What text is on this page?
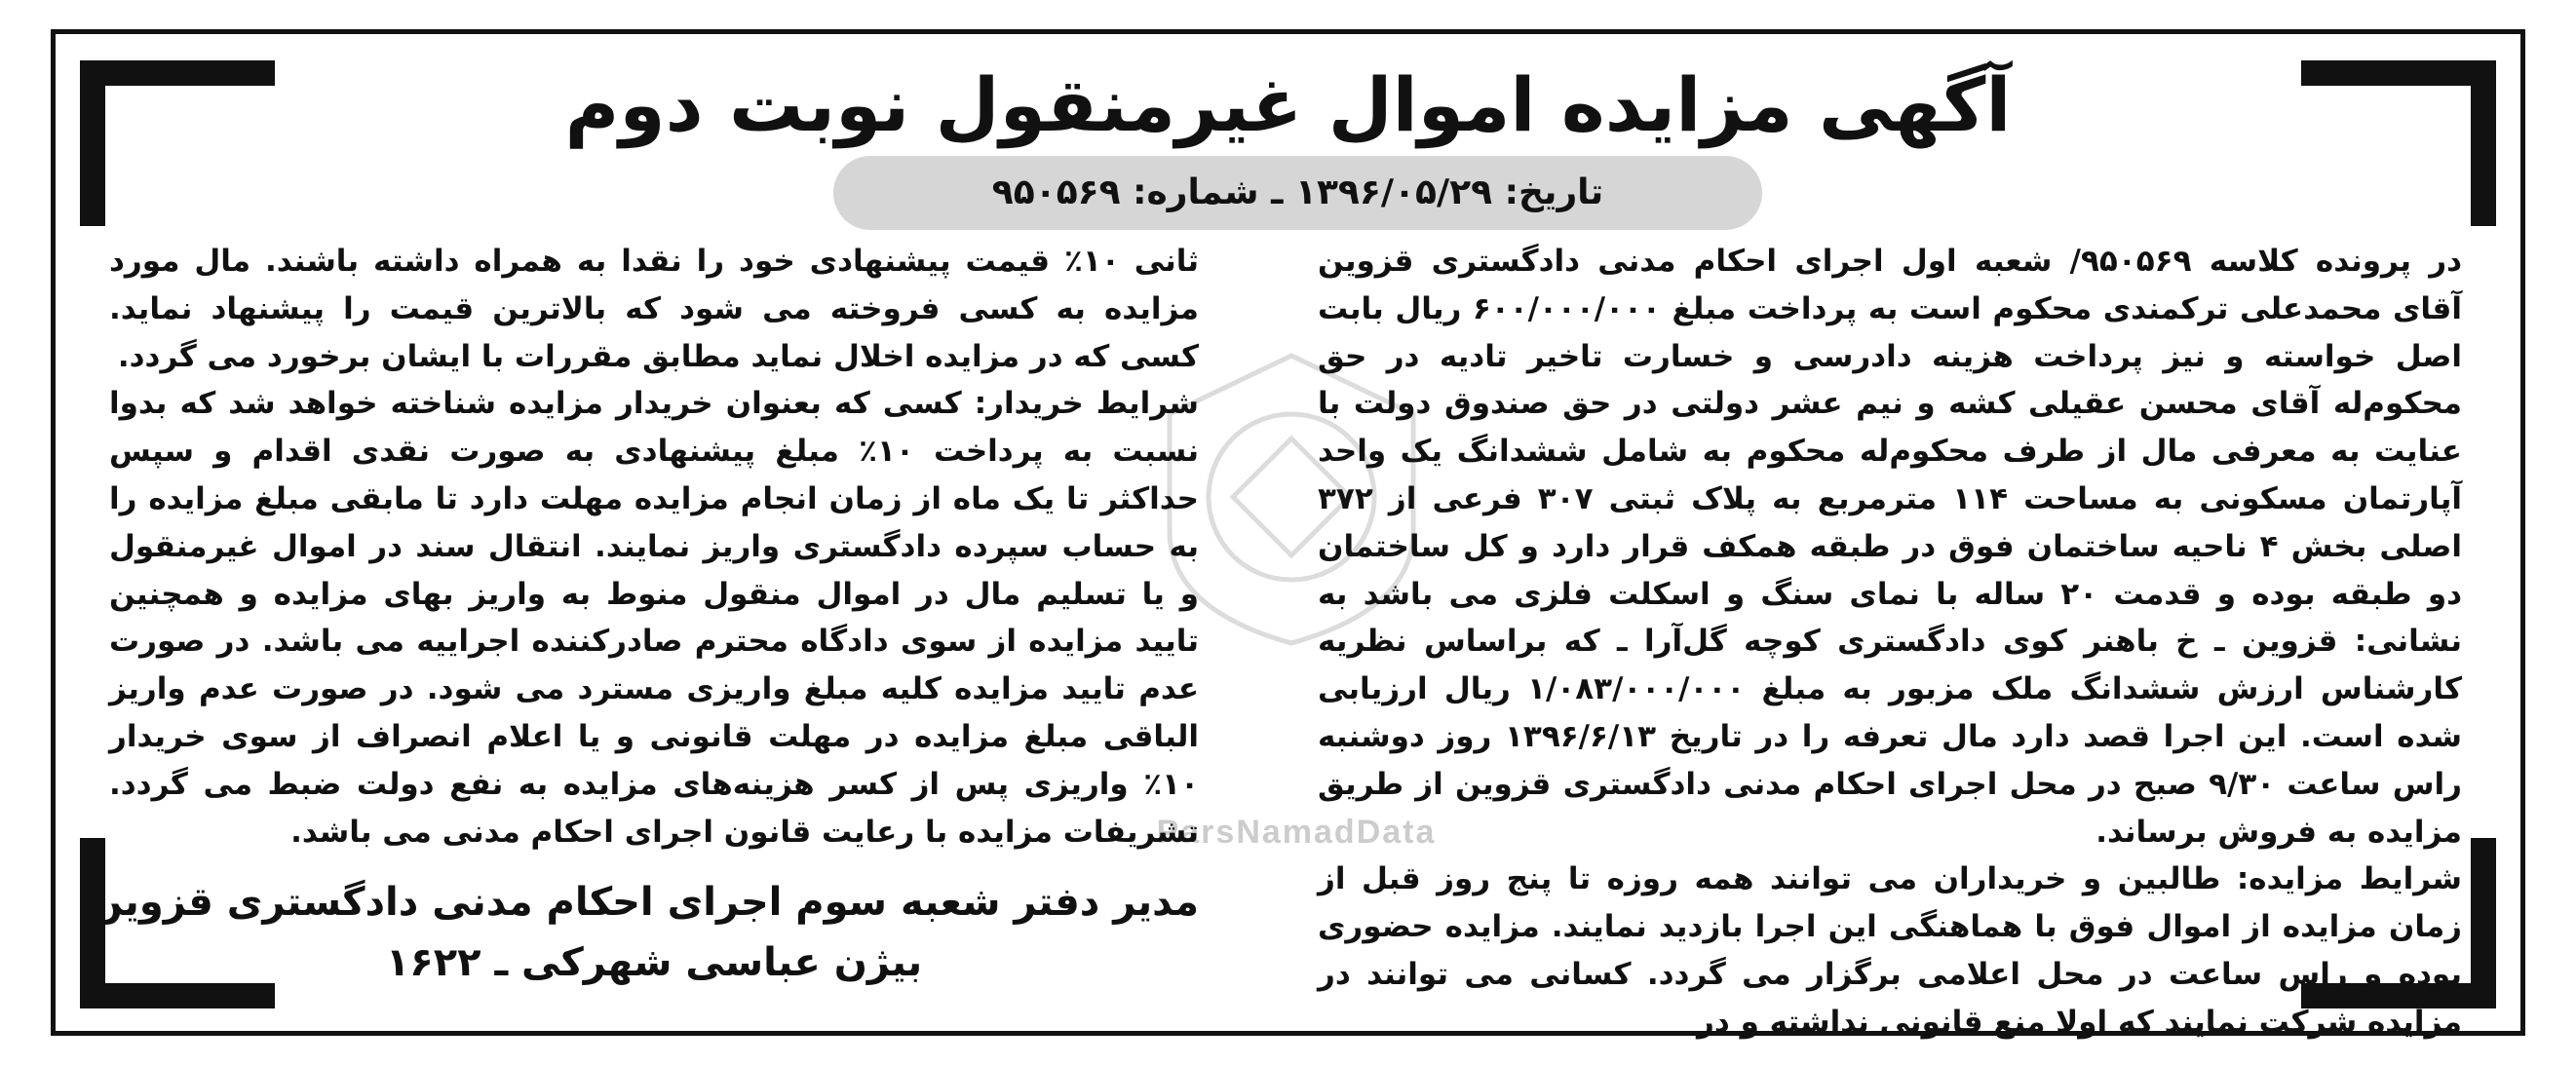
آگهی مزایده اموال غیرمنقول نوبت دوم
تاریخ: ۱۳۹۶/۰۵/۲۹ ـ شماره: ۹۵۰۵۶۹
ParsNamadData

در پرونده کلاسه ۹۵۰۵۶۹/ شعبه اول اجرای احکام مدنی دادگستری قزوین آقای محمدعلی ترکمندی محکوم است به پرداخت مبلغ ۶۰۰/۰۰۰/۰۰۰ ریال بابت اصل خواسته و نیز پرداخت هزینه دادرسی و خسارت تاخیر تادیه در حق محکوم‌له آقای محسن عقیلی کشه و نیم عشر دولتی در حق صندوق دولت با عنایت به معرفی مال از طرف محکوم‌له محکوم به شامل ششدانگ یک واحد آپارتمان مسکونی به مساحت ۱۱۴ مترمربع به پلاک ثبتی ۳۰۷ فرعی از ۳۷۲ اصلی بخش ۴ ناحیه ساختمان فوق در طبقه همکف قرار دارد و کل ساختمان دو طبقه بوده و قدمت ۲۰ ساله با نمای سنگ و اسکلت فلزی می باشد به نشانی: قزوین ـ خ باهنر کوی دادگستری کوچه گل‌آرا ـ که براساس نظریه کارشناس ارزش ششدانگ ملک مزبور به مبلغ ۱/۰۸۳/۰۰۰/۰۰۰ ریال ارزیابی شده است. این اجرا قصد دارد مال تعرفه را در تاریخ ۱۳۹۶/۶/۱۳ روز دوشنبه راس ساعت ۹/۳۰ صبح در محل اجرای احکام مدنی دادگستری قزوین از طریق مزایده به فروش برساند.

شرایط مزایده: طالبین و خریداران می توانند همه روزه تا پنج روز قبل از زمان مزایده از اموال فوق با هماهنگی این اجرا بازدید نمایند. مزایده حضوری بوده و راس ساعت در محل اعلامی برگزار می گردد. کسانی می توانند در مزایده شرکت نمایند که اولا منع قانونی نداشته و در

ثانی ۱۰٪ قیمت پیشنهادی خود را نقدا به همراه داشته باشند. مال مورد مزایده به کسی فروخته می شود که بالاترین قیمت را پیشنهاد نماید. کسی که در مزایده اخلال نماید مطابق مقررات با ایشان برخورد می گردد.

شرایط خریدار: کسی که بعنوان خریدار مزایده شناخته خواهد شد که بدوا نسبت به پرداخت ۱۰٪ مبلغ پیشنهادی به صورت نقدی اقدام و سپس حداکثر تا یک ماه از زمان انجام مزایده مهلت دارد تا مابقی مبلغ مزایده را به حساب سپرده دادگستری واریز نمایند. انتقال سند در اموال غیرمنقول و یا تسلیم مال در اموال منقول منوط به واریز بهای مزایده و همچنین تایید مزایده از سوی دادگاه محترم صادرکننده اجراییه می باشد. در صورت عدم تایید مزایده کلیه مبلغ واریزی مسترد می شود. در صورت عدم واریز الباقی مبلغ مزایده در مهلت قانونی و یا اعلام انصراف از سوی خریدار ۱۰٪ واریزی پس از کسر هزینه‌های مزایده به نفع دولت ضبط می گردد. تشریفات مزایده با رعایت قانون اجرای احکام مدنی می باشد.

مدیر دفتر شعبه سوم اجرای احکام مدنی دادگستری قزوین
بیژن عباسی شهرکی ـ ۱۶۲۲
